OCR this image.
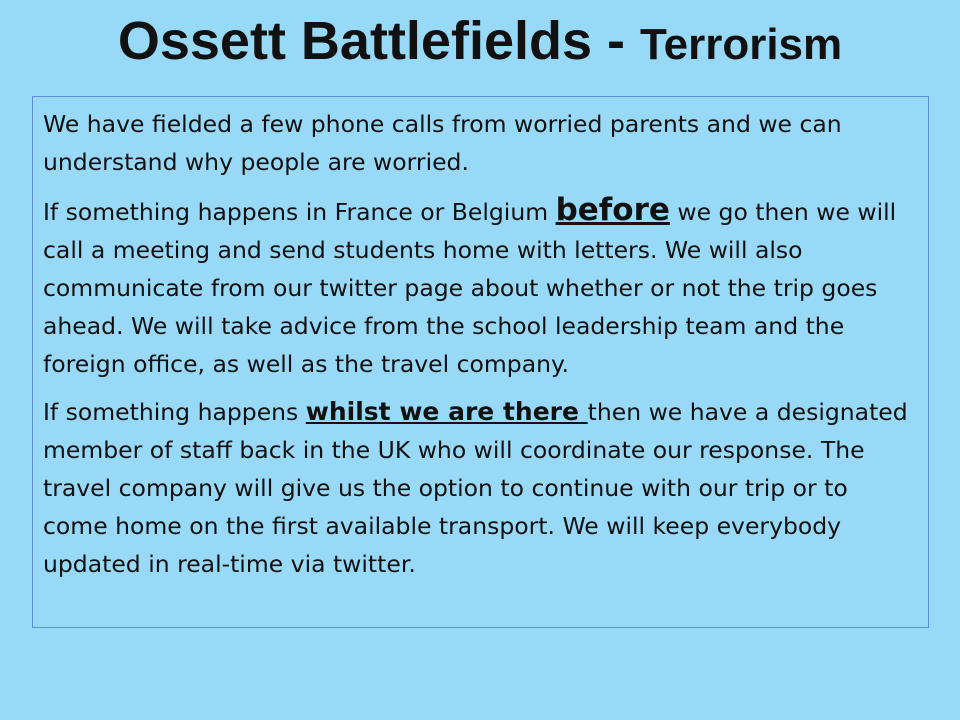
Ossett Battlefields - Terrorism

We have fielded a few phone calls from worried parents and we can understand why people are worried.

If something happens in France or Belgium before we go then we will call a meeting and send students home with letters. We will also communicate from our twitter page about whether or not the trip goes ahead. We will take advice from the school leadership team and the foreign office, as well as the travel company.

If something happens whilst we are there then we have a designated member of staff back in the UK who will coordinate our response. The travel company will give us the option to continue with our trip or to come home on the first available transport. We will keep everybody updated in real-time via twitter.
